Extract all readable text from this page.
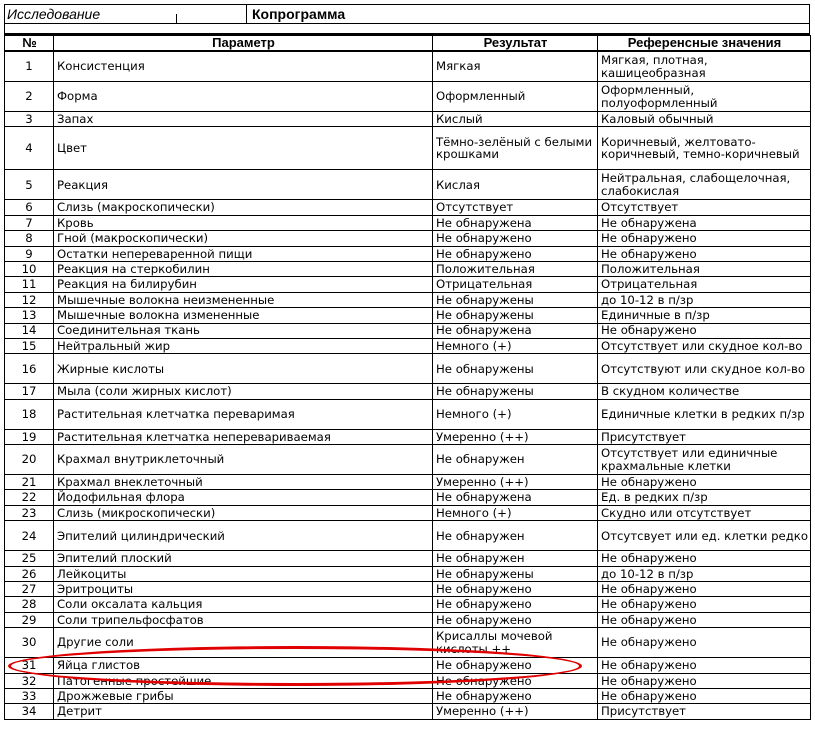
Исследование	Копрограмма
№	Параметр	Результат	Референсные значения
1	Консистенция	Мягкая	Мягкая, плотная, кашицеобразная
2	Форма	Оформленный	Оформленный, полуоформленный
3	Запах	Кислый	Каловый обычный
4	Цвет	Тёмно-зелёный с белыми крошками	Коричневый, желтовато-коричневый, темно-коричневый
5	Реакция	Кислая	Нейтральная, слабощелочная, слабокислая
6	Слизь (макроскопически)	Отсутствует	Отсутствует
7	Кровь	Не обнаружена	Не обнаружена
8	Гной (макроскопически)	Не обнаружено	Не обнаружено
9	Остатки непереваренной пищи	Не обнаружено	Не обнаружено
10	Реакция на стеркобилин	Положительная	Положительная
11	Реакция на билирубин	Отрицательная	Отрицательная
12	Мышечные волокна неизмененные	Не обнаружены	до 10-12 в п/зр
13	Мышечные волокна измененные	Не обнаружены	Единичные в п/зр
14	Соединительная ткань	Не обнаружена	Не обнаружено
15	Нейтральный жир	Немного (+)	Отсутствует или скудное кол-во
16	Жирные кислоты	Не обнаружены	Отсутствуют или скудное кол-во
17	Мыла (соли жирных кислот)	Не обнаружены	В скудном количестве
18	Растительная клетчатка переваримая	Немного (+)	Единичные клетки в редких п/зр
19	Растительная клетчатка неперевариваемая	Умеренно (++)	Присутствует
20	Крахмал внутриклеточный	Не обнаружен	Отсутствует или единичные крахмальные клетки
21	Крахмал внеклеточный	Умеренно (++)	Не обнаружено
22	Йодофильная флора	Не обнаружена	Ед. в редких п/зр
23	Слизь (микроскопически)	Немного (+)	Скудно или отсутствует
24	Эпителий цилиндрический	Не обнаружен	Отсутсвует или ед. клетки редко
25	Эпителий плоский	Не обнаружен	Не обнаружено
26	Лейкоциты	Не обнаружены	до 10-12 в п/зр
27	Эритроциты	Не обнаружено	Не обнаружено
28	Соли оксалата кальция	Не обнаружено	Не обнаружено
29	Соли трипельфосфатов	Не обнаружено	Не обнаружено
30	Другие соли	Крисаллы мочевой кислоты ++	Не обнаружено
31	Яйца глистов	Не обнаружено	Не обнаружено
32	Патогенные простейшие	Не обнаружено	Не обнаружено
33	Дрожжевые грибы	Не обнаружено	Не обнаружено
34	Детрит	Умеренно (++)	Присутствует
